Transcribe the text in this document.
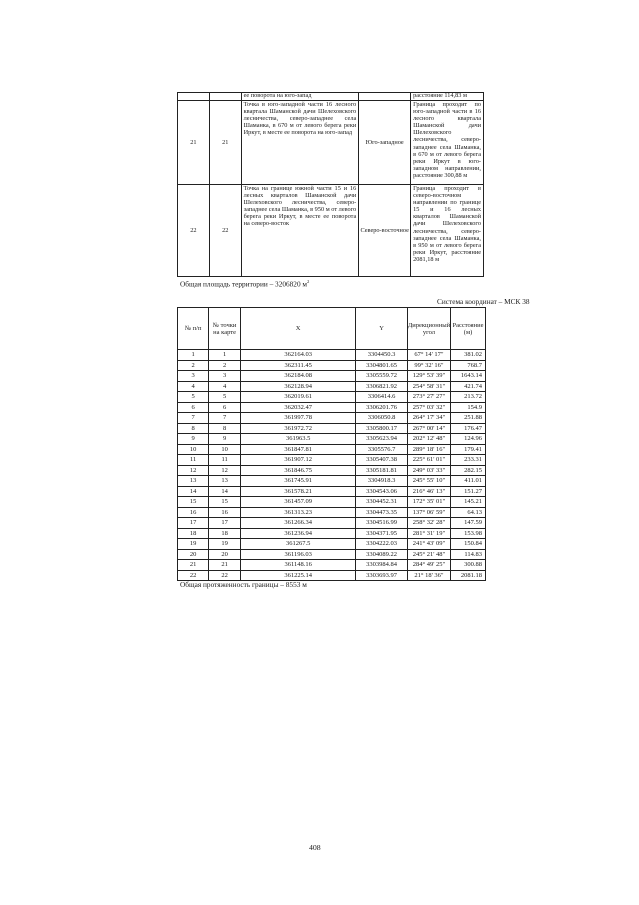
		ее поворота на юго-запад		расстояние 114,83 м
21	21	Точка в юго-западной части 16 лесного квартала Шаманской дачи Шелеховского лесничества, северо-западнее села Шаманка, в 670 м от левого берега реки Иркут, в месте ее поворота на юго-запад	Юго-западное	Граница проходит по юго-западной части в 16 лесного квартала Шаманской дачи Шелеховского лесничества, северо-западнее села Шаманка, в 670 м от левого берега реки Иркут в юго-западном направлении, расстояние 300,88 м
22	22	Точка на границе южной части 15 и 16 лесных кварталов Шаманской дачи Шелеховского лесничества, северо-западнее села Шаманка, в 950 м от левого берега реки Иркут, в месте ее поворота на северо-восток	Северо-восточное	Граница проходит в северо-восточном направлении по границе 15 и 16 лесных кварталов Шаманской дачи Шелеховского лесничества, северо-западнее села Шаманка, в 950 м от левого берега реки Иркут, расстояние 2081,18 м
Общая площадь территории – 3206820 $м^2$
Система координат – МСК 38
№ п/п	№ точки на карте	X	Y	Дирекционный угол	Расстояние (м)
1	1	362164.03	3304450.3	67° 14' 17"	381.02
2	2	362311.45	3304801.65	99° 32' 16"	768.7
3	3	362184.08	3305559.72	129° 53' 39"	1643.14
4	4	362128.94	3306821.92	254° 58' 31"	421.74
5	5	362019.61	3306414.6	273° 27' 27"	213.72
6	6	362032.47	3306201.76	257° 03' 32"	154.9
7	7	361997.78	3306050.8	264° 17' 34"	251.88
8	8	361972.72	3305800.17	267° 00' 14"	176.47
9	9	361963.5	3305623.94	202° 12' 48"	124.96
10	10	361847.81	3305576.7	289° 18' 16"	179.41
11	11	361907.12	3305407.38	225° 61' 01"	233.31
12	12	361846.75	3305181.81	249° 03' 33"	282.15
13	13	361745.91	3304918.3	245° 55' 10"	411.01
14	14	361578.21	3304543.06	216° 46' 13"	151.27
15	15	361457.09	3304452.31	172° 35' 01"	145.21
16	16	361313.23	3304473.35	137° 06' 59"	64.13
17	17	361266.34	3304516.99	258° 32' 28"	147.59
18	18	361236.94	3304371.95	281° 31' 19"	153.98
19	19	361267.5	3304222.03	241° 43' 09"	150.84
20	20	361196.03	3304089.22	245° 21' 48"	114.83
21	21	361148.16	3303984.84	284° 49' 25"	300.88
22	22	361225.14	3303693.97	21° 18' 36"	2081.18
Общая протяженность границы – 8553 м
408
